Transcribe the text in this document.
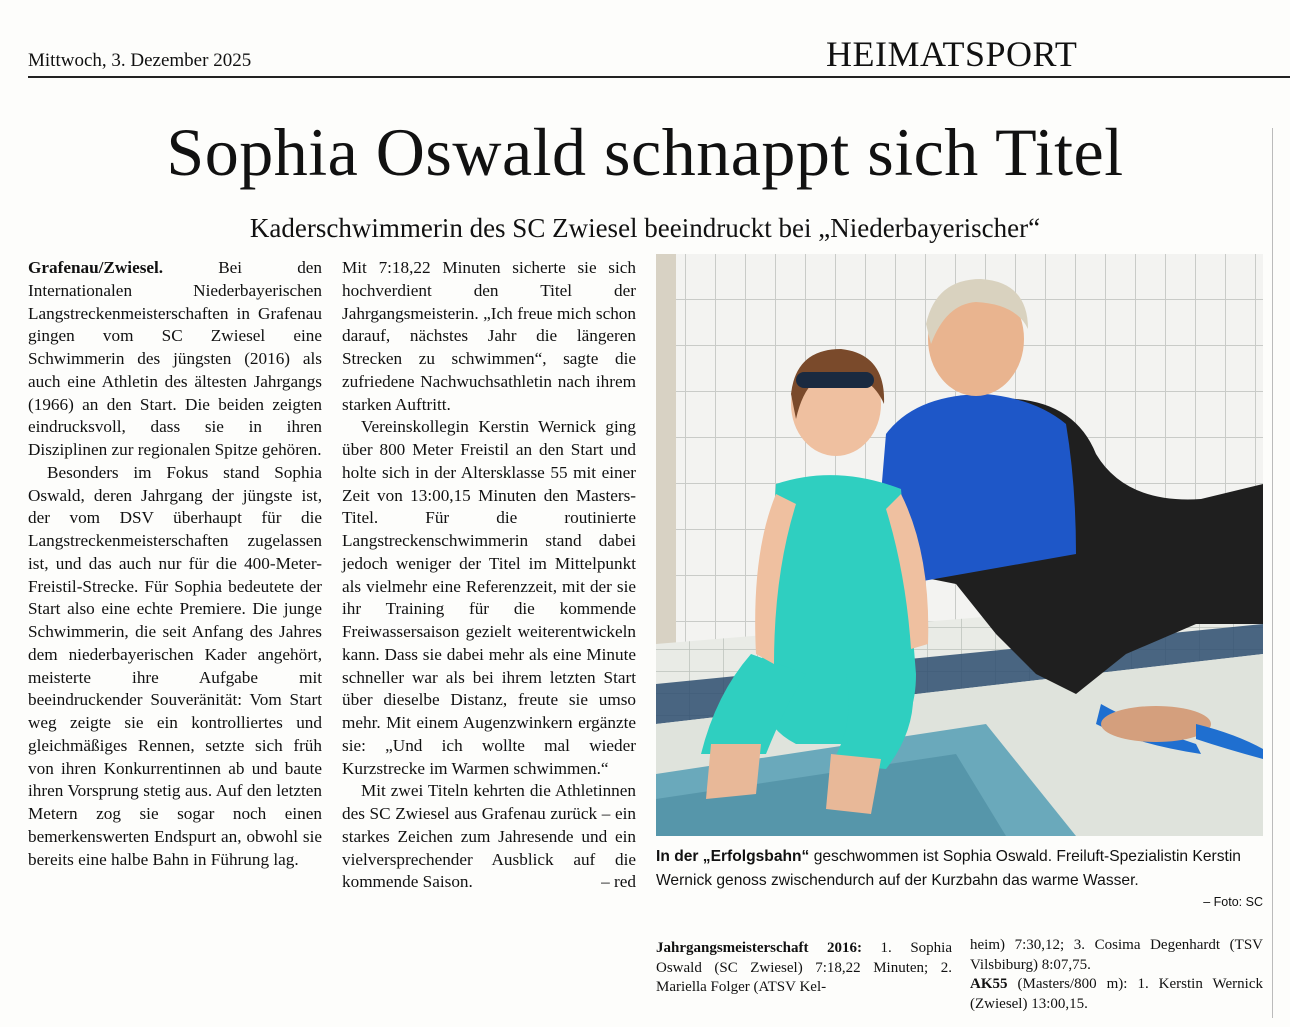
Mittwoch, 3. Dezember 2025	HEIMATSPORT
Sophia Oswald schnappt sich Titel
Kaderschwimmerin des SC Zwiesel beeindruckt bei „Niederbayerischer“

Grafenau/Zwiesel.	Bei den Internationalen Niederbayerischen Langstreckenmeisterschaften in Grafenau gingen vom SC Zwiesel eine Schwimmerin des jüngsten (2016) als auch eine Athletin des ältesten Jahrgangs (1966) an den Start. Die beiden zeigten eindrucksvoll, dass sie in ihren Disziplinen zur regionalen Spitze gehören.

Besonders im Fokus stand Sophia Oswald, deren Jahrgang der jüngste ist, der vom DSV überhaupt für die Langstreckenmeisterschaften zugelassen ist, und das auch nur für die 400-Meter-Freistil-Strecke. Für Sophia bedeutete der Start also eine echte Premiere. Die junge Schwimmerin, die seit Anfang des Jahres dem niederbayerischen Kader angehört, meisterte ihre Aufgabe mit beeindruckender Souveränität: Vom Start weg zeigte sie ein kontrolliertes und gleichmäßiges Rennen, setzte sich früh von ihren Konkurrentinnen ab und baute ihren Vorsprung stetig aus. Auf den letzten Metern zog sie sogar noch einen bemerkenswerten Endspurt an, obwohl sie bereits eine halbe Bahn in Führung lag.

Mit 7:18,22 Minuten sicherte sie sich hochverdient den Titel der Jahrgangsmeisterin. „Ich freue mich schon darauf, nächstes Jahr die längeren Strecken zu schwimmen“, sagte die zufriedene Nachwuchsathletin nach ihrem starken Auftritt.

Vereinskollegin Kerstin Wernick ging über 800 Meter Freistil an den Start und holte sich in der Altersklasse 55 mit einer Zeit von 13:00,15 Minuten den Masters-Titel. Für die routinierte Langstreckenschwimmerin stand dabei jedoch weniger der Titel im Mittelpunkt als vielmehr eine Referenzzeit, mit der sie ihr Training für die kommende Freiwassersaison gezielt weiterentwickeln kann. Dass sie dabei mehr als eine Minute schneller war als bei ihrem letzten Start über dieselbe Distanz, freute sie umso mehr. Mit einem Augenzwinkern ergänzte sie: „Und ich wollte mal wieder Kurzstrecke im Warmen schwimmen.“

Mit zwei Titeln kehrten die Athletinnen des SC Zwiesel aus Grafenau zurück – ein starkes Zeichen zum Jahresende und ein vielversprechender Ausblick auf die kommende Saison.	– red

In der „Erfolgsbahn“ geschwommen ist Sophia Oswald. Freiluft-Spezialistin Kerstin Wernick genoss zwischendurch auf der Kurzbahn das warme Wasser.
– Foto: SC

Jahrgangsmeisterschaft 2016: 1. Sophia Oswald (SC Zwiesel) 7:18,22 Minuten; 2. Mariella Folger (ATSV Kel-

heim) 7:30,12; 3. Cosima Degenhardt (TSV Vilsbiburg) 8:07,75.

AK55 (Masters/800 m): 1. Kerstin Wernick (Zwiesel) 13:00,15.
